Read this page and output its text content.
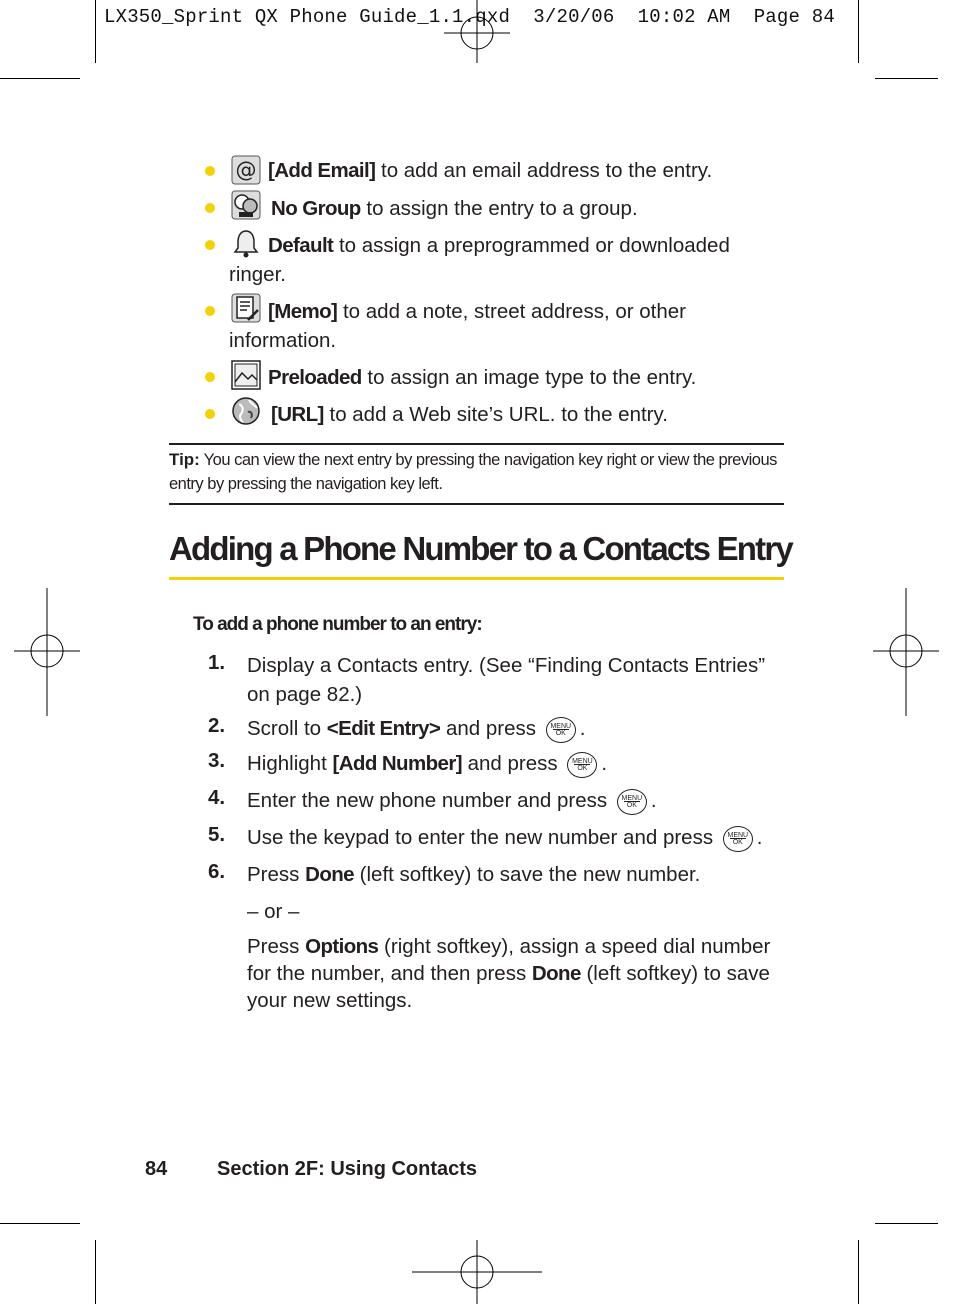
LX350_Sprint QX Phone Guide_1.1.qxd  3/20/06  10:02 AM  Page 84
@ [Add Email] to add an email address to the entry.
No Group to assign the entry to a group.
Default to assign a preprogrammed or downloaded ringer.
[Memo] to add a note, street address, or other information.
Preloaded to assign an image type to the entry.
[URL] to add a Web site’s URL. to the entry.
Tip: You can view the next entry by pressing the navigation key right or view the previous entry by pressing the navigation key left.
Adding a Phone Number to a Contacts Entry
To add a phone number to an entry:
1. Display a Contacts entry. (See “Finding Contacts Entries” on page 82.)
2. Scroll to <Edit Entry> and press	MENU
OK .
3. Highlight [Add Number] and press	MENU
OK .
4. Enter the new phone number and press	MENU
OK .
5. Use the keypad to enter the new number and press	MENU
OK .
6. Press Done (left softkey) to save the new number.
– or –
Press Options (right softkey), assign a speed dial number for the number, and then press Done (left softkey) to save your new settings.
84 Section 2F: Using Contacts
